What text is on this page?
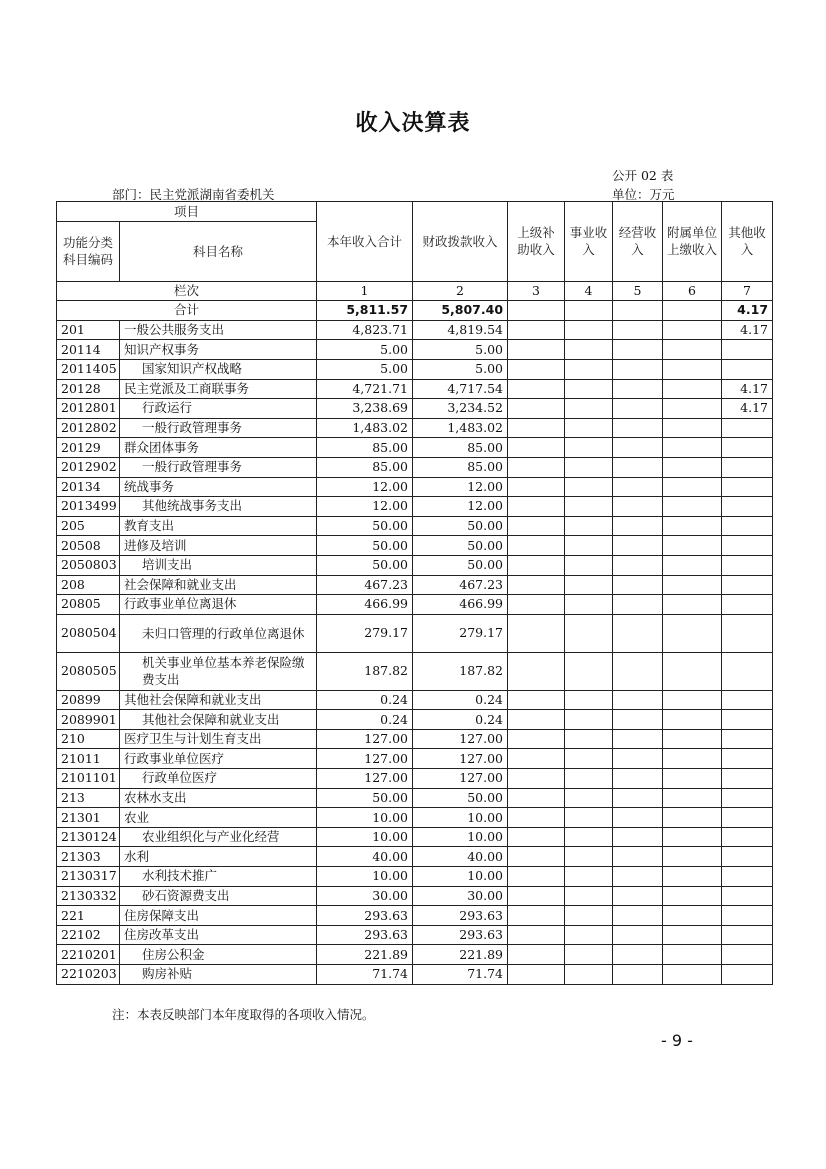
收入决算表
公开 02 表
部门：民主党派湖南省委机关	单位：万元
项目		本年收入合计	财政拨款收入	上级补助收入	事业收入	经营收入	附属单位上缴收入	其他收入
功能分类科目编码	科目名称							
栏次		1	2	3	4	5	6	7
合计		5,811.57	5,807.40					4.17
201	一般公共服务支出	4,823.71	4,819.54					4.17
20114	知识产权事务	5.00	5.00					
2011405	国家知识产权战略	5.00	5.00					
20128	民主党派及工商联事务	4,721.71	4,717.54					4.17
2012801	行政运行	3,238.69	3,234.52					4.17
2012802	一般行政管理事务	1,483.02	1,483.02					
20129	群众团体事务	85.00	85.00					
2012902	一般行政管理事务	85.00	85.00					
20134	统战事务	12.00	12.00					
2013499	其他统战事务支出	12.00	12.00					
205	教育支出	50.00	50.00					
20508	进修及培训	50.00	50.00					
2050803	培训支出	50.00	50.00					
208	社会保障和就业支出	467.23	467.23					
20805	行政事业单位离退休	466.99	466.99					
2080504	未归口管理的行政单位离退休	279.17	279.17					
2080505	机关事业单位基本养老保险缴费支出	187.82	187.82					
20899	其他社会保障和就业支出	0.24	0.24					
2089901	其他社会保障和就业支出	0.24	0.24					
210	医疗卫生与计划生育支出	127.00	127.00					
21011	行政事业单位医疗	127.00	127.00					
2101101	行政单位医疗	127.00	127.00					
213	农林水支出	50.00	50.00					
21301	农业	10.00	10.00					
2130124	农业组织化与产业化经营	10.00	10.00					
21303	水利	40.00	40.00					
2130317	水利技术推广	10.00	10.00					
2130332	砂石资源费支出	30.00	30.00					
221	住房保障支出	293.63	293.63					
22102	住房改革支出	293.63	293.63					
2210201	住房公积金	221.89	221.89					
2210203	购房补贴	71.74	71.74					
注：本表反映部门本年度取得的各项收入情况。
- 9 -
